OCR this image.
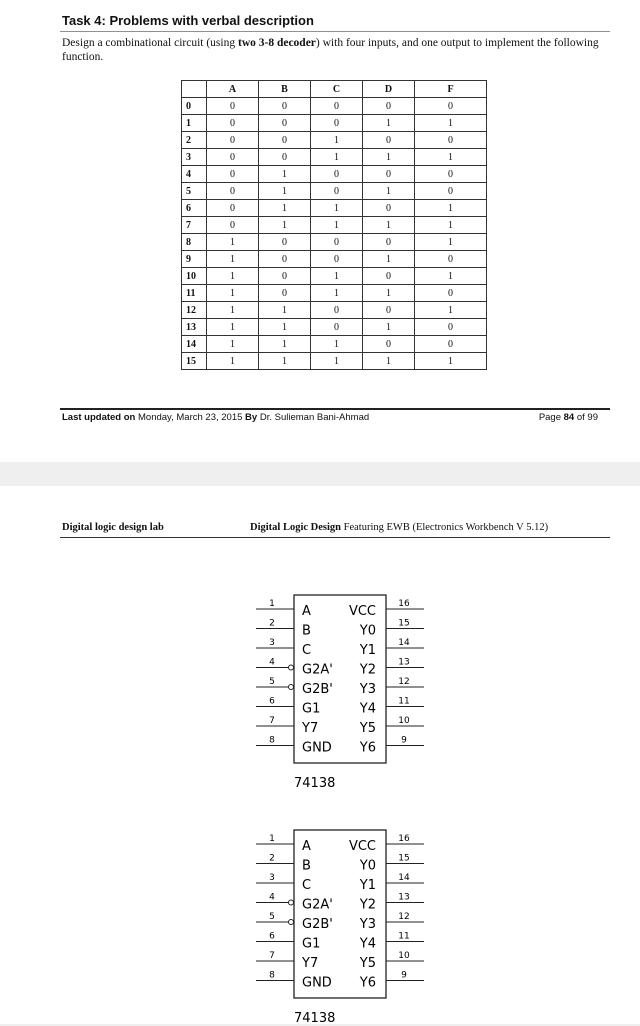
Task 4: Problems with verbal description
Design a combinational circuit (using two 3-8 decoder) with four inputs, and one output to implement the following function.
	A	B	C	D	F
0	0	0	0	0	0
1	0	0	0	1	1
2	0	0	1	0	0
3	0	0	1	1	1
4	0	1	0	0	0
5	0	1	0	1	0
6	0	1	1	0	1
7	0	1	1	1	1
8	1	0	0	0	1
9	1	0	0	1	0
10	1	0	1	0	1
11	1	0	1	1	0
12	1	1	0	0	1
13	1	1	0	1	0
14	1	1	1	0	0
15	1	1	1	1	1
Last updated on Monday, March 23, 2015 By Dr. Sulieman Bani-Ahmad	Page 84 of 99
Digital logic design lab	Digital Logic Design Featuring EWB (Electronics Workbench V 5.12)
1 A	16
VCC
2 B	15
Y0
3 C	14
Y1
4 G2A'	13
Y2
5 G2B'	12
Y3
6 G1	11
Y4
7 Y7	10
Y5
8 GND	9
Y6
74138
1 A	16
VCC
2 B	15
Y0
3 C	14
Y1
4 G2A'	13
Y2
5 G2B'	12
Y3
6 G1	11
Y4
7 Y7	10
Y5
8 GND	9
Y6
74138
